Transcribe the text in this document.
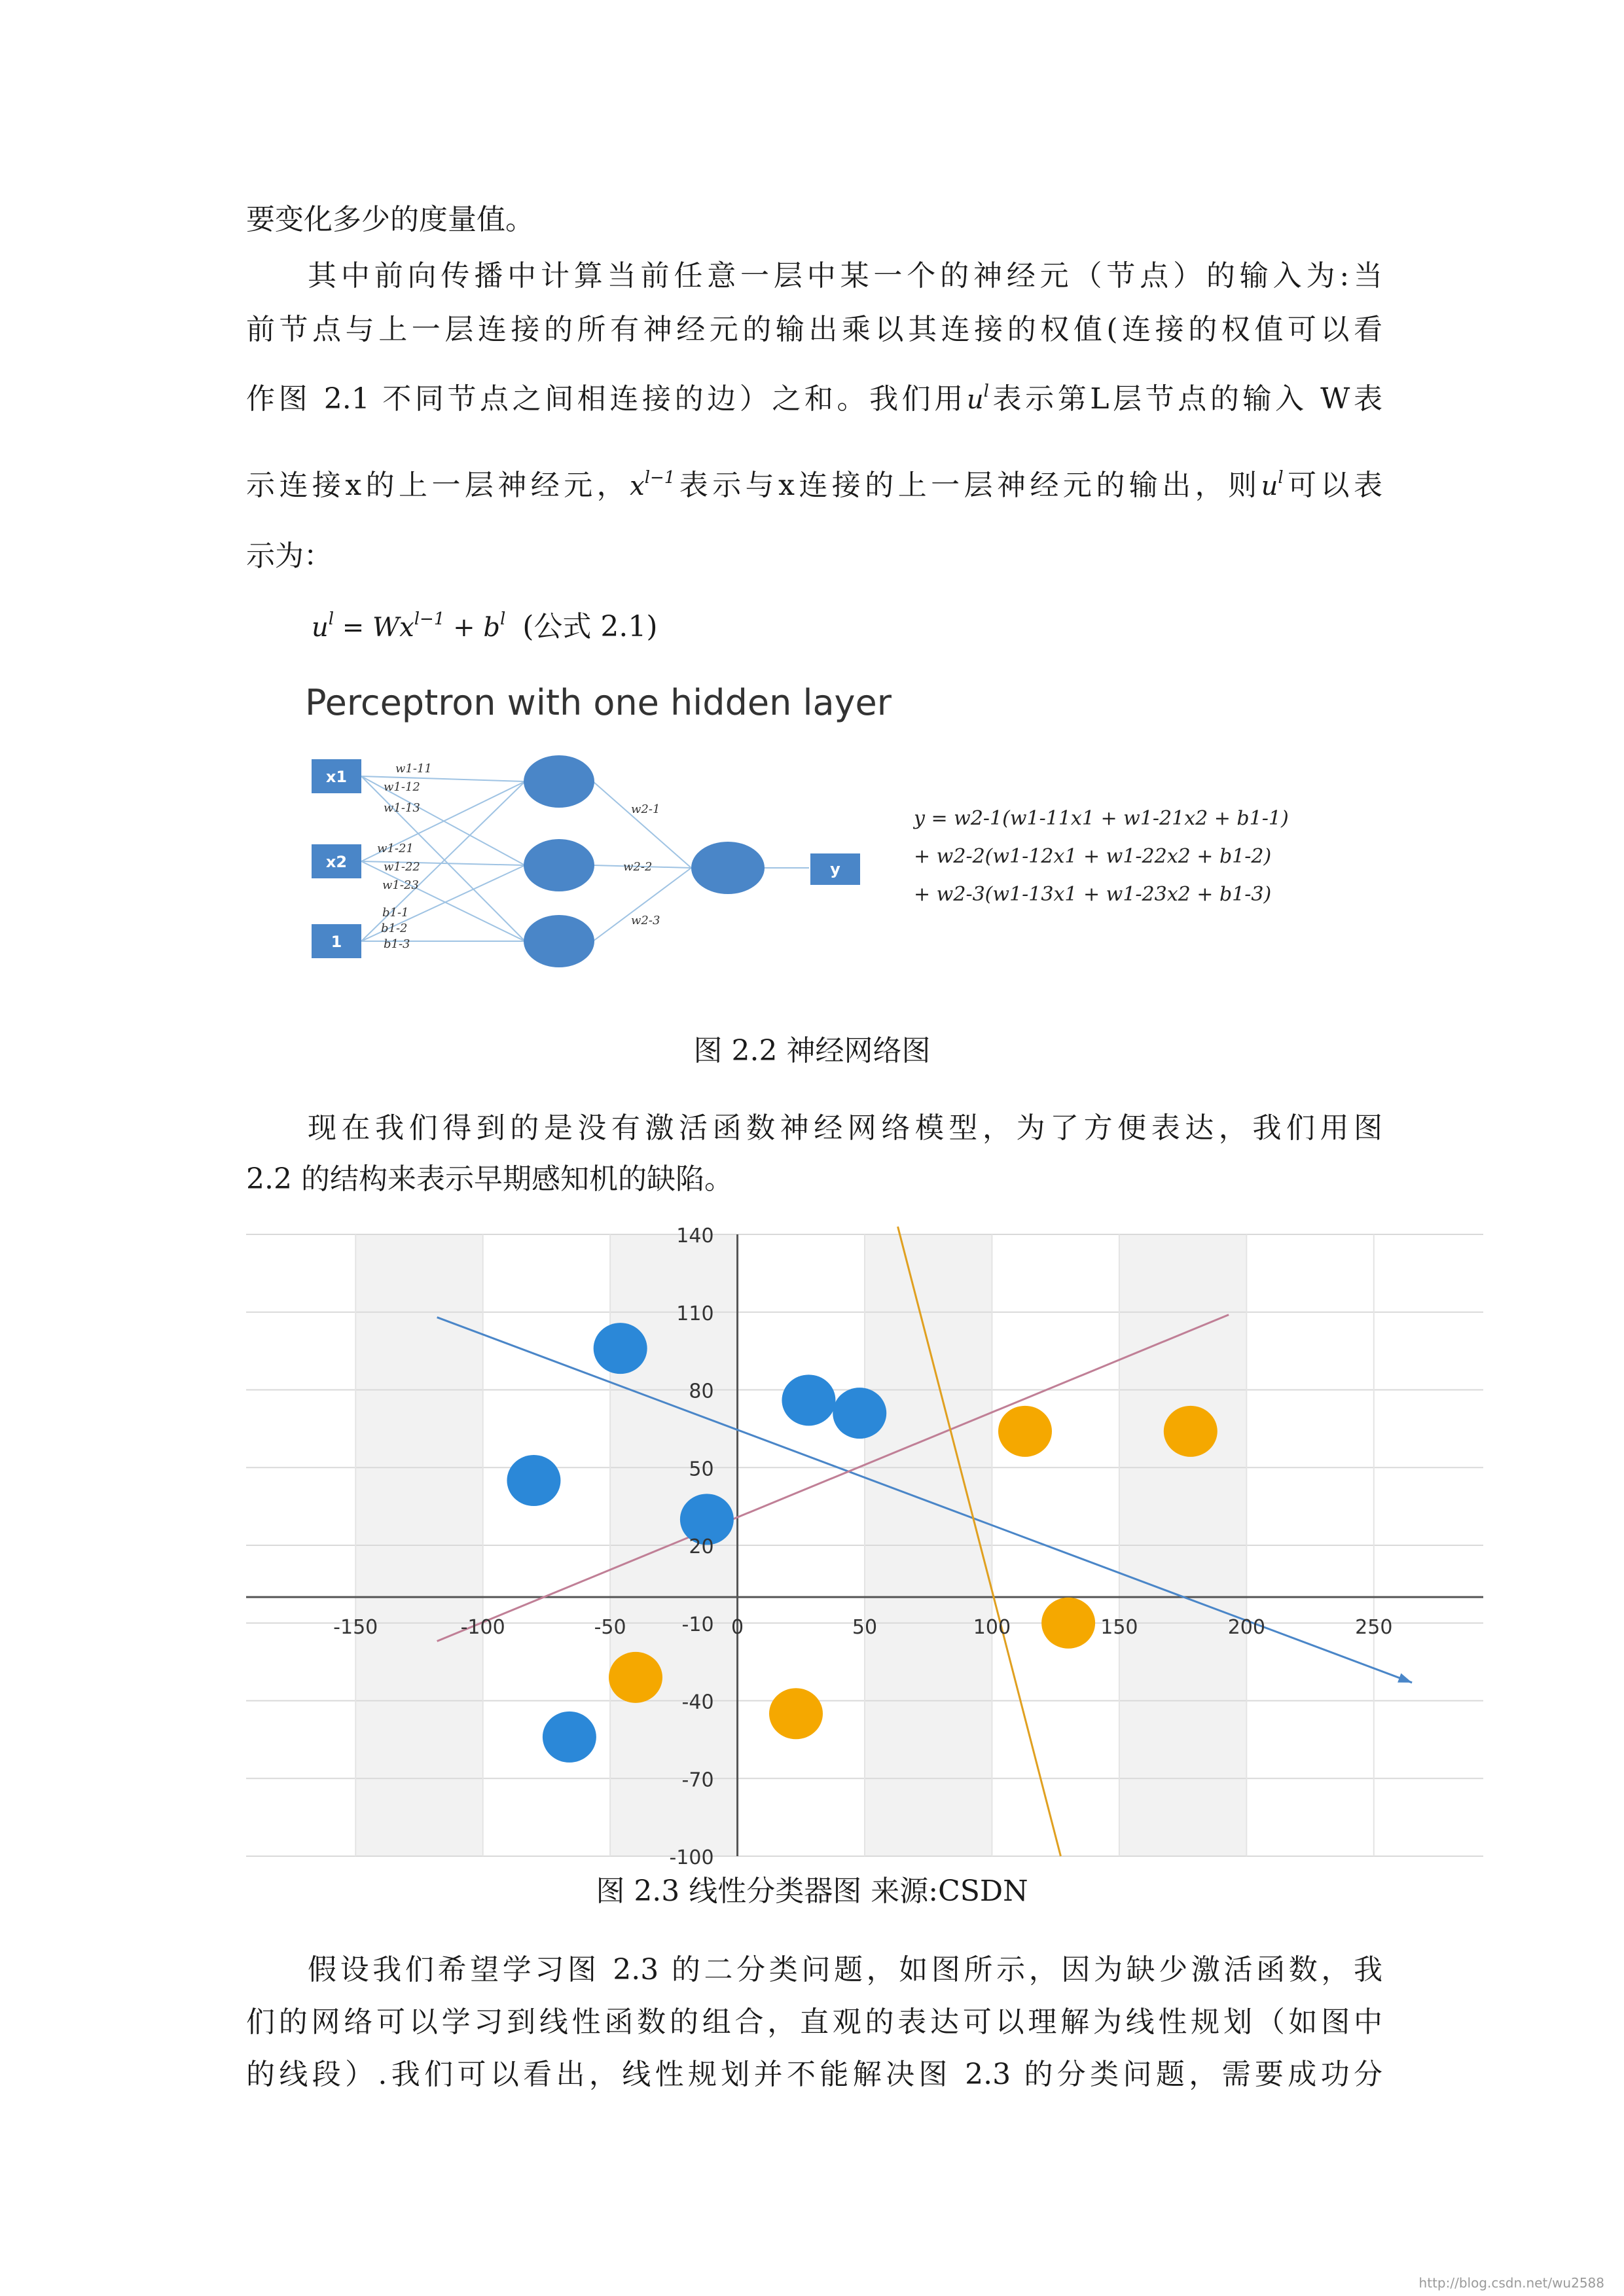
要变化多少的度量值。
其中前向传播中计算当前任意一层中某一个的神经元（节点）的输入为:当
前节点与上一层连接的所有神经元的输出乘以其连接的权值(连接的权值可以看
作图 2.1 不同节点之间相连接的边）之和。我们用$u^l$表示第L层节点的输入 W表
示连接x的上一层神经元，$x^{l-1}$表示与x连接的上一层神经元的输出，则$u^l$可以表
示为：
$u^l = Wx^{l-1} + b^l$ (公式 2.1)
Perceptron with one hidden layer
x1
x2
1
y
w1-11
w1-12
w1-13
w1-21
w1-22
w1-23
b1-1
b1-2
b1-3
w2-1
w2-2
w2-3
y = w2-1(w1-11x1 + w1-21x2 + b1-1)
+ w2-2(w1-12x1 + w1-22x2 + b1-2)
+ w2-3(w1-13x1 + w1-23x2 + b1-3)
图 2.2 神经网络图
现在我们得到的是没有激活函数神经网络模型，为了方便表达，我们用图
2.2 的结构来表示早期感知机的缺陷。
-150	-100	-50	0	50	100	150	200	250
-100
-70
-40
-10
20
50
80
110
140
图 2.3 线性分类器图 来源:CSDN
假设我们希望学习图 2.3 的二分类问题，如图所示，因为缺少激活函数，我
们的网络可以学习到线性函数的组合，直观的表达可以理解为线性规划（如图中
的线段）.我们可以看出，线性规划并不能解决图 2.3 的分类问题，需要成功分
http://blog.csdn.net/wu2588
